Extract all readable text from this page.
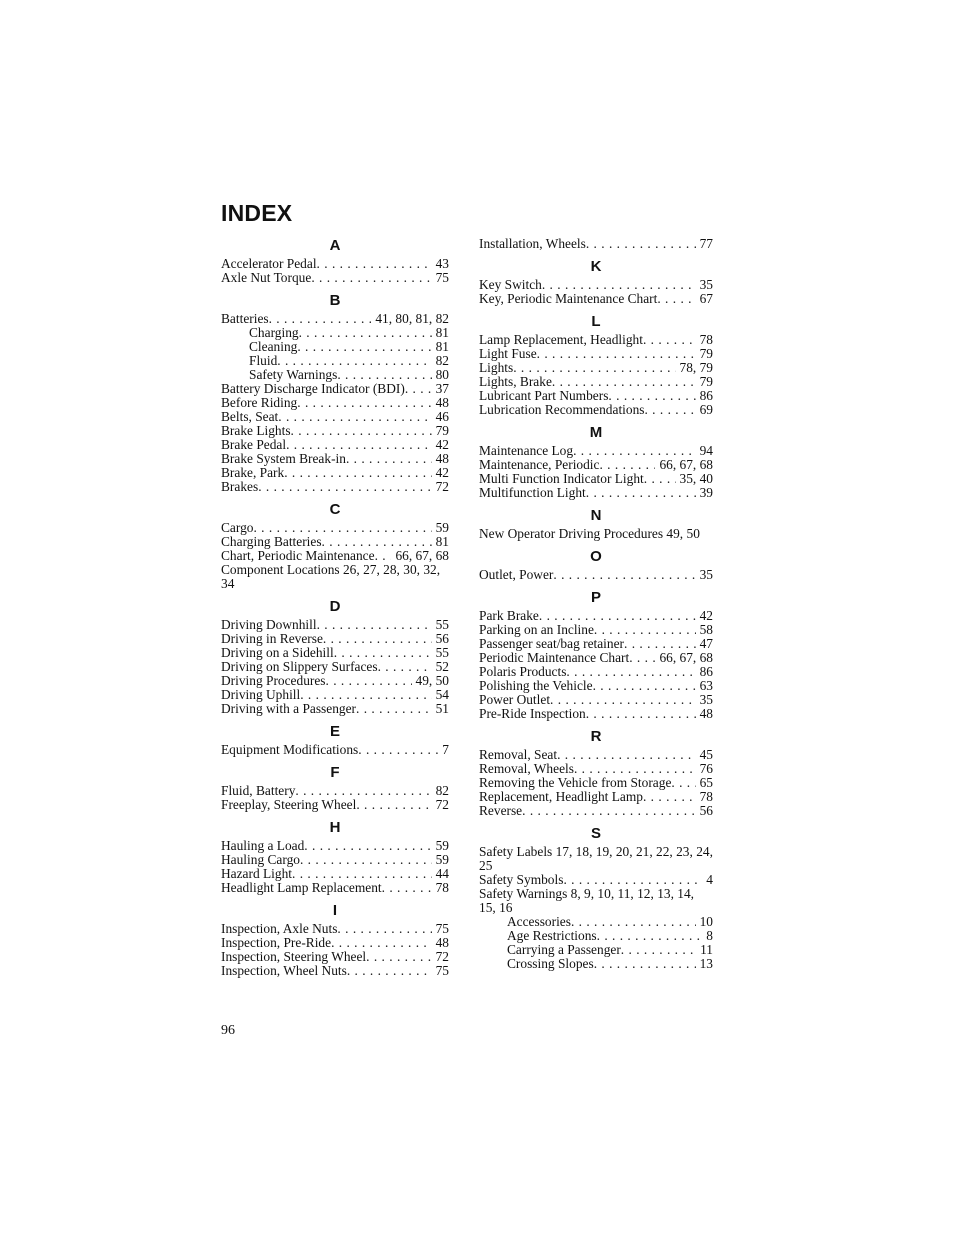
INDEX
A
Accelerator Pedal . . .	43
Axle Nut Torque . . .	75
B
Batteries . . .	41, 80, 81, 82
Charging . . .	81
Cleaning . . .	81
Fluid . . .	82
Safety Warnings . . .	80
Battery Discharge Indicator (BDI) . . . 37
Before Riding . . .	48
Belts, Seat . . .	46
Brake Lights . . .	79
Brake Pedal . . .	42
Brake System Break-in . . .	48
Brake, Park . . .	42
Brakes . . .	72
C
Cargo . . .	59
Charging Batteries . . .	81
Chart, Periodic Maintenance . . . 66, 67, 68
Component Locations 26, 27, 28, 30, 32, 34
D
Driving Downhill . . .	55
Driving in Reverse . . .	56
Driving on a Sidehill . . .	55
Driving on Slippery Surfaces . . .	52
Driving Procedures . . .	49, 50
Driving Uphill . . .	54
Driving with a Passenger . . .	51
E
Equipment Modifications . . .	7
F
Fluid, Battery . . .	82
Freeplay, Steering Wheel . . .	72
H
Hauling a Load . . .	59
Hauling Cargo . . .	59
Hazard Light . . .	44
Headlight Lamp Replacement . . .	78
I
Inspection, Axle Nuts . . .	75
Inspection, Pre-Ride . . .	48
Inspection, Steering Wheel . . .	72
Inspection, Wheel Nuts . . .	75
Installation, Wheels . . .	77
K
Key Switch . . .	35
Key, Periodic Maintenance Chart . . .	67
L
Lamp Replacement, Headlight . . .	78
Light Fuse . . .	79
Lights . . .	78, 79
Lights, Brake . . .	79
Lubricant Part Numbers . . .	86
Lubrication Recommendations . . .	69
M
Maintenance Log . . .	94
Maintenance, Periodic . . .	66, 67, 68
Multi Function Indicator Light . . .	35, 40
Multifunction Light . . .	39
N
New Operator Driving Procedures 49, 50
O
Outlet, Power . . .	35
P
Park Brake . . .	42
Parking on an Incline . . .	58
Passenger seat/bag retainer . . .	47
Periodic Maintenance Chart . . . 66, 67, 68
Polaris Products . . .	86
Polishing the Vehicle . . .	63
Power Outlet . . .	35
Pre-Ride Inspection . . .	48
R
Removal, Seat . . .	45
Removal, Wheels . . .	76
Removing the Vehicle from Storage . . . 65
Replacement, Headlight Lamp . . .	78
Reverse . . .	56
S
Safety Labels 17, 18, 19, 20, 21, 22, 23, 24, 25
Safety Symbols . . .	4
Safety Warnings 8, 9, 10, 11, 12, 13, 14, 15, 16
Accessories . . .	10
Age Restrictions . . .	8
Carrying a Passenger . . .	11
Crossing Slopes . . .	13

96
